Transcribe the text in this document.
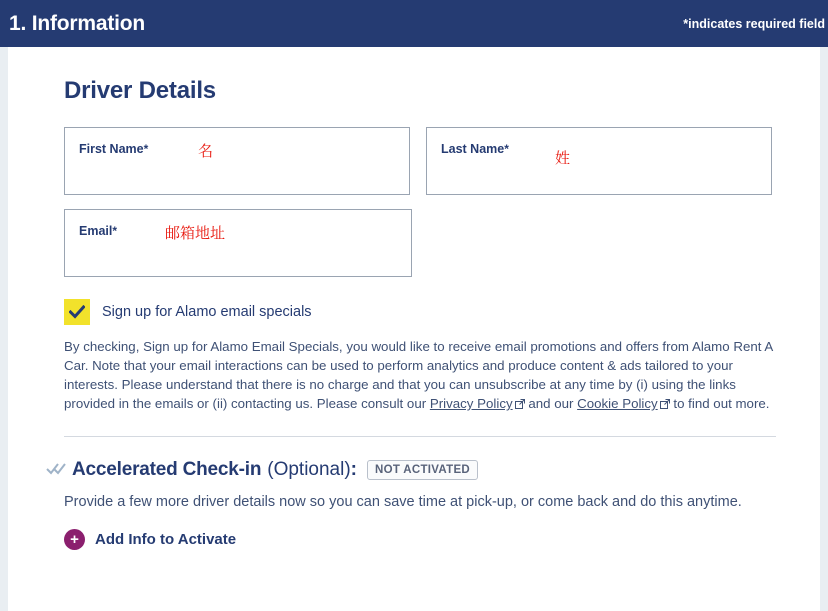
1. Information	*indicates required field
Driver Details
First Name*	名	Last Name*	姓
Email*	邮箱地址
Sign up for Alamo email specials
By checking, Sign up for Alamo Email Specials, you would like to receive email promotions and offers from Alamo Rent A Car. Note that your email interactions can be used to perform analytics and produce content & ads tailored to your interests. Please understand that there is no charge and that you can unsubscribe at any time by (i) using the links provided in the emails or (ii) contacting us. Please consult our Privacy Policy and our Cookie Policy to find out more.
Accelerated Check-in (Optional) :	NOT ACTIVATED
Provide a few more driver details now so you can save time at pick-up, or come back and do this anytime.
+ Add Info to Activate
